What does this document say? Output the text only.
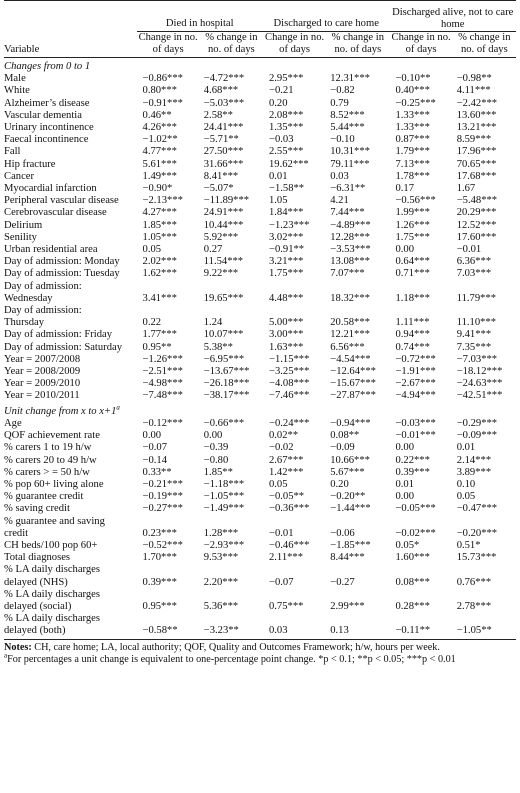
	Died in hospital		Discharged to care home		Discharged alive, not to care home	

Variable	Change in no. of days	% change in no. of days	Change in no. of days	% change in no. of days	Change in no. of days	% change in no. of days

Changes from 0 to 1						
Male	−0.86***	−4.72***	2.95***	12.31***	−0.10**	−0.98**
White	0.80***	4.68***	−0.21	−0.82	0.40***	4.11***
Alzheimer’s disease	−0.91***	−5.03***	0.20	0.79	−0.25***	−2.42***
Vascular dementia	0.46**	2.58**	2.08***	8.52***	1.33***	13.60***
Urinary incontinence	4.26***	24.41***	1.35***	5.44***	1.33***	13.21***
Faecal incontinence	−1.02**	−5.71**	−0.03	−0.10	0.87***	8.59***
Fall	4.77***	27.50***	2.55***	10.31***	1.79***	17.96***
Hip fracture	5.61***	31.66***	19.62***	79.11***	7.13***	70.65***
Cancer	1.49***	8.41***	0.01	0.03	1.78***	17.68***
Myocardial infarction	−0.90*	−5.07*	−1.58**	−6.31**	0.17	1.67
Peripheral vascular disease	−2.13***	−11.89***	1.05	4.21	−0.56***	−5.48***
Cerebrovascular disease	4.27***	24.91***	1.84***	7.44***	1.99***	20.29***
Delirium	1.85***	10.44***	−1.23***	−4.89***	1.26***	12.52***
Senility	1.05***	5.92***	3.02***	12.28***	1.75***	17.60***
Urban residential area	0.05	0.27	−0.91**	−3.53***	0.00	−0.01
Day of admission: Monday	2.02***	11.54***	3.21***	13.08***	0.64***	6.36***
Day of admission: Tuesday	1.62***	9.22***	1.75***	7.07***	0.71***	7.03***
Day of admission:						
Wednesday	3.41***	19.65***	4.48***	18.32***	1.18***	11.79***
Day of admission:						
Thursday	0.22	1.24	5.00***	20.58***	1.11***	11.10***
Day of admission: Friday	1.77***	10.07***	3.00***	12.21***	0.94***	9.41***
Day of admission: Saturday	0.95**	5.38**	1.63***	6.56***	0.74***	7.35***
Year = 2007/2008	−1.26***	−6.95***	−1.15***	−4.54***	−0.72***	−7.03***
Year = 2008/2009	−2.51***	−13.67***	−3.25***	−12.64***	−1.91***	−18.12***
Year = 2009/2010	−4.98***	−26.18***	−4.08***	−15.67***	−2.67***	−24.63***
Year = 2010/2011	−7.48***	−38.17***	−7.46***	−27.87***	−4.94***	−42.51***
Unit change from x to $x+1^a$
Age	−0.12***	−0.66***	−0.24***	−0.94***	−0.03***	−0.29***
QOF achievement rate	0.00	0.00	0.02**	0.08**	−0.01***	−0.09***
% carers 1 to 19 h/w	−0.07	−0.39	−0.02	−0.09	0.00	0.01
% carers 20 to 49 h/w	−0.14	−0.80	2.67***	10.66***	0.22***	2.14***
% carers > = 50 h/w	0.33**	1.85**	1.42***	5.67***	0.39***	3.89***
% pop 60+ living alone	−0.21***	−1.18***	0.05	0.20	0.01	0.10
% guarantee credit	−0.19***	−1.05***	−0.05**	−0.20**	0.00	0.05
% saving credit	−0.27***	−1.49***	−0.36***	−1.44***	−0.05***	−0.47***
% guarantee and saving						
credit	0.23***	1.28***	−0.01	−0.06	−0.02***	−0.20***
CH beds/100 pop 60+	−0.52***	−2.93***	−0.46***	−1.85***	0.05*	0.51*
Total diagnoses	1.70***	9.53***	2.11***	8.44***	1.60***	15.73***
% LA daily discharges						
delayed (NHS)	0.39***	2.20***	−0.07	−0.27	0.08***	0.76***
% LA daily discharges						
delayed (social)	0.95***	5.36***	0.75***	2.99***	0.28***	2.78***
% LA daily discharges						
delayed (both)	−0.58**	−3.23**	0.03	0.13	−0.11**	−1.05**

Notes: CH, care home; LA, local authority; QOF, Quality and Outcomes Framework; h/w, hours per week.
$^a$For percentages a unit change is equivalent to one-percentage point change. *p < 0.1; **p < 0.05; ***p < 0.01
